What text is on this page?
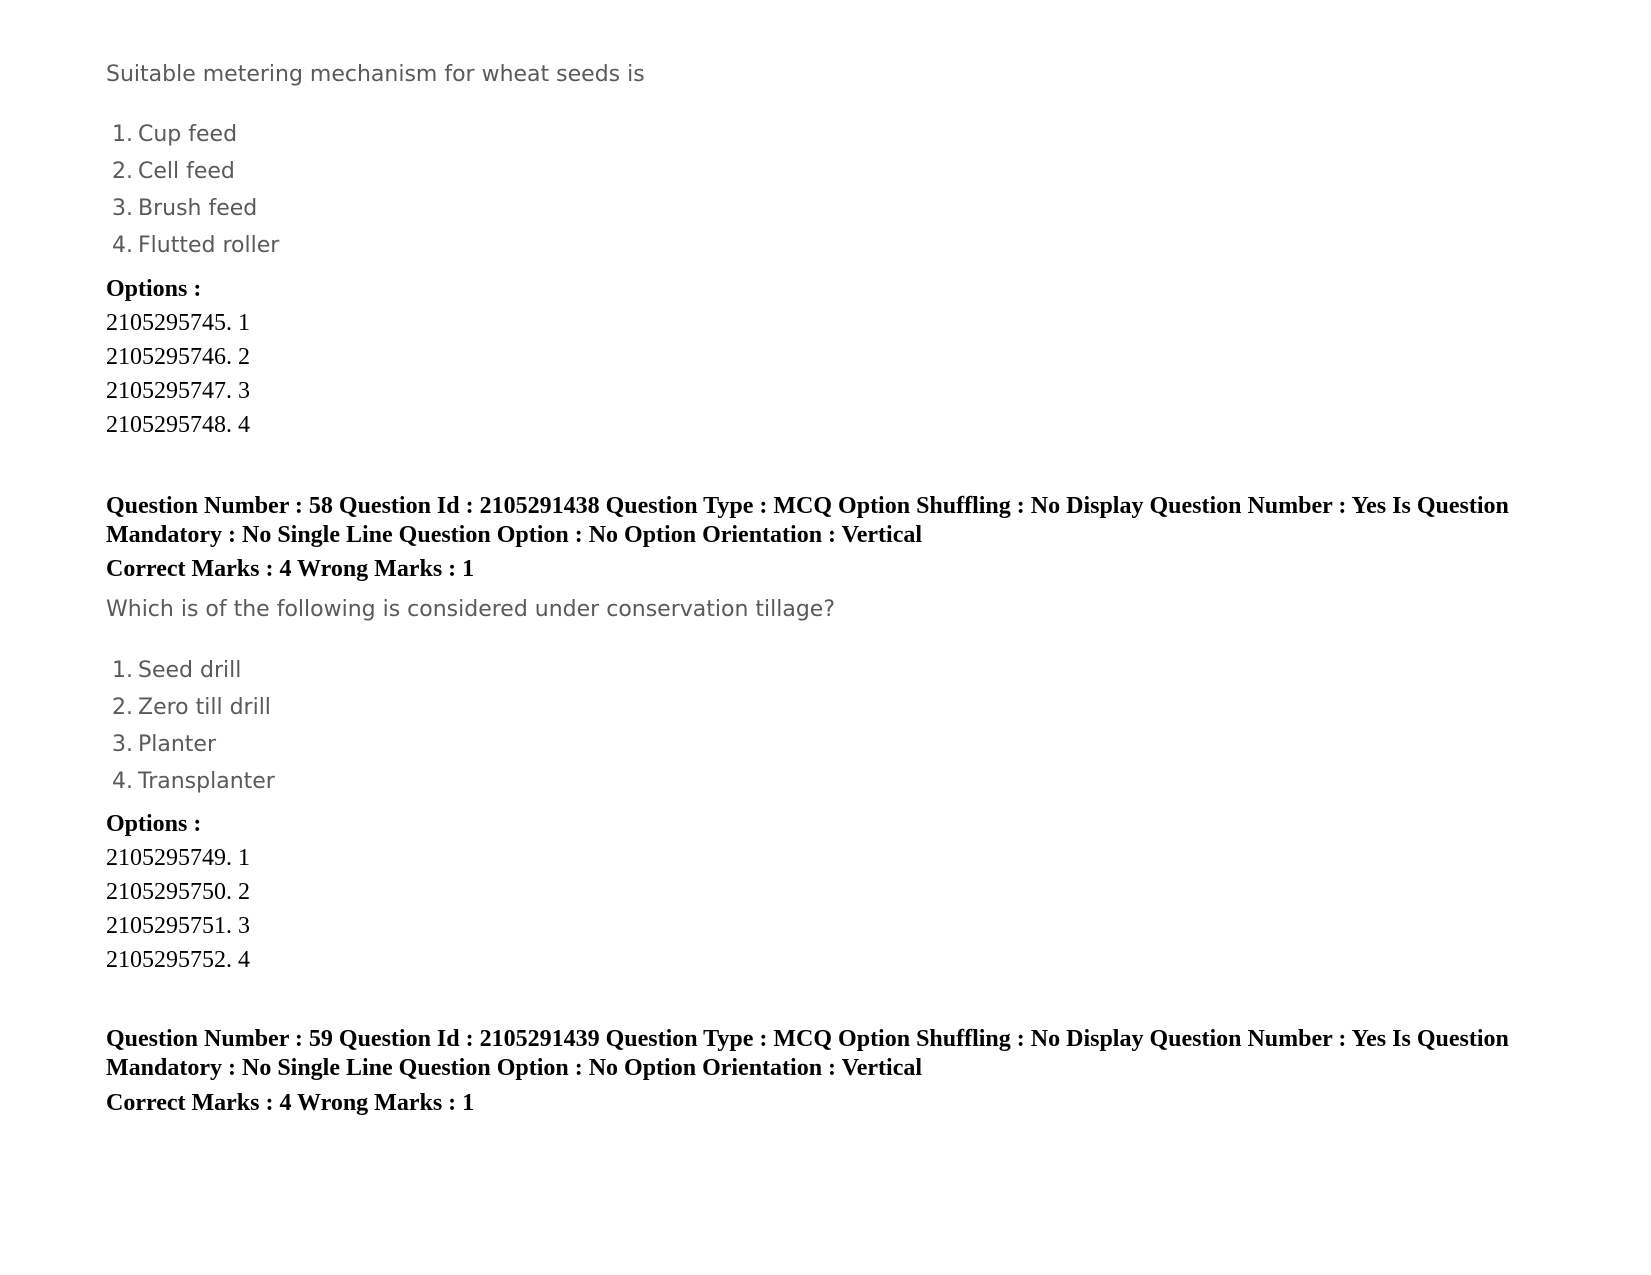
Suitable metering mechanism for wheat seeds is
1. Cup feed
2. Cell feed
3. Brush feed
4. Flutted roller
Options :
2105295745. 1
2105295746. 2
2105295747. 3
2105295748. 4
Question Number : 58 Question Id : 2105291438 Question Type : MCQ Option Shuffling : No Display Question Number : Yes Is Question Mandatory : No Single Line Question Option : No Option Orientation : Vertical
Correct Marks : 4 Wrong Marks : 1
Which is of the following is considered under conservation tillage?
1. Seed drill
2. Zero till drill
3. Planter
4. Transplanter
Options :
2105295749. 1
2105295750. 2
2105295751. 3
2105295752. 4
Question Number : 59 Question Id : 2105291439 Question Type : MCQ Option Shuffling : No Display Question Number : Yes Is Question Mandatory : No Single Line Question Option : No Option Orientation : Vertical
Correct Marks : 4 Wrong Marks : 1
